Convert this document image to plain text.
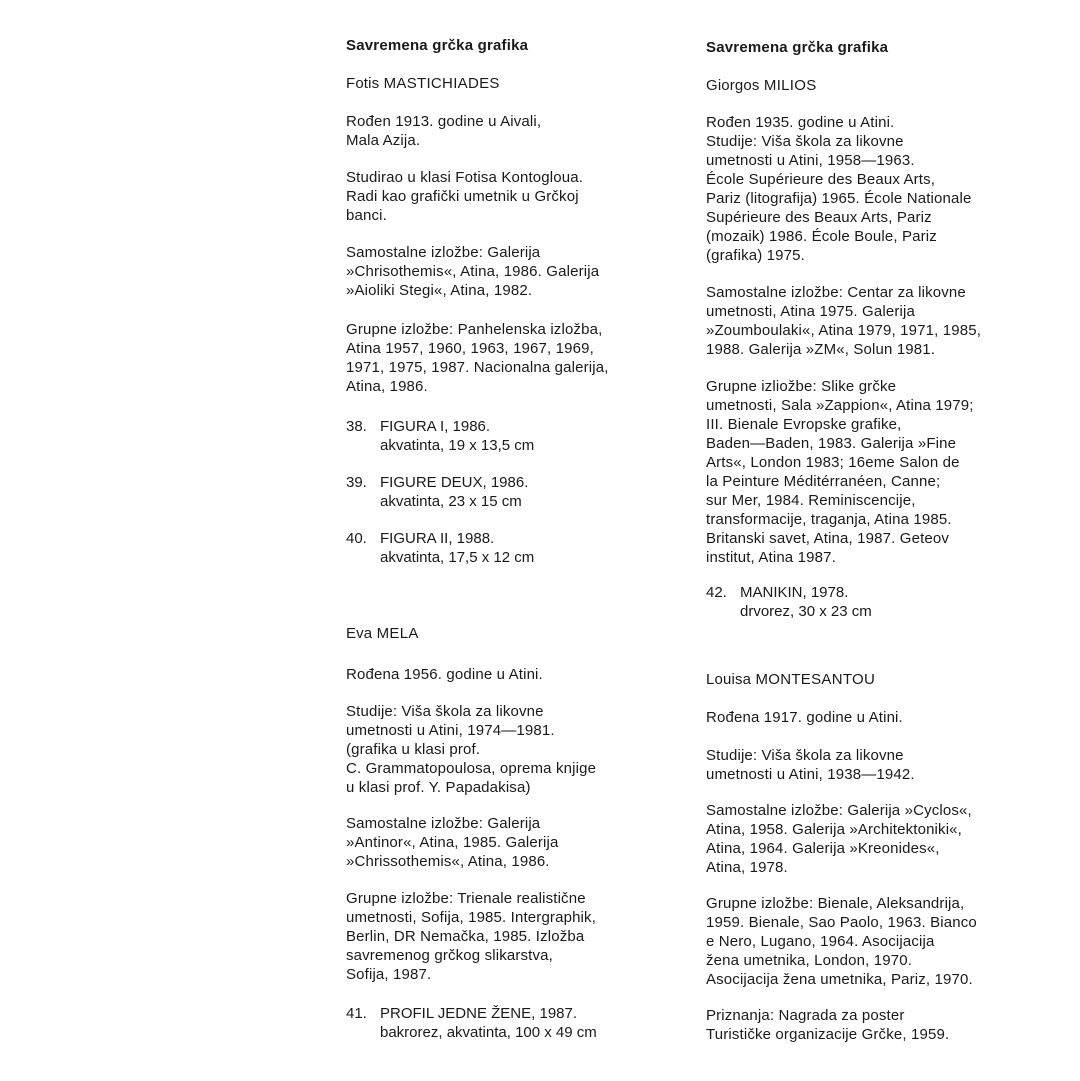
Savremena grčka grafika
Fotis MASTICHIADES
Rođen 1913. godine u Aivali,
Mala Azija.
Studirao u klasi Fotisa Kontogloua.
Radi kao grafički umetnik u Grčkoj
banci.
Samostalne izložbe: Galerija
»Chrisothemis«, Atina, 1986. Galerija
»Aioliki Stegi«, Atina, 1982.
Grupne izložbe: Panhelenska izložba,
Atina 1957, 1960, 1963, 1967, 1969,
1971, 1975, 1987. Nacionalna galerija,
Atina, 1986.
38. FIGURA I, 1986.
akvatinta, 19 x 13,5 cm
39. FIGURE DEUX, 1986.
akvatinta, 23 x 15 cm
40. FIGURA II, 1988.
akvatinta, 17,5 x 12 cm
Eva MELA
Rođena 1956. godine u Atini.
Studije: Viša škola za likovne
umetnosti u Atini, 1974—1981.
(grafika u klasi prof.
C. Grammatopoulosa, oprema knjige
u klasi prof. Y. Papadakisa)
Samostalne izložbe: Galerija
»Antinor«, Atina, 1985. Galerija
»Chrissothemis«, Atina, 1986.
Grupne izložbe: Trienale realistične
umetnosti, Sofija, 1985. Intergraphik,
Berlin, DR Nemačka, 1985. Izložba
savremenog grčkog slikarstva,
Sofija, 1987.
41. PROFIL JEDNE ŽENE, 1987.
bakrorez, akvatinta, 100 x 49 cm
Savremena grčka grafika
Giorgos MILIOS
Rođen 1935. godine u Atini.
Studije: Viša škola za likovne
umetnosti u Atini, 1958—1963.
École Supérieure des Beaux Arts,
Pariz (litografija) 1965. École Nationale
Supérieure des Beaux Arts, Pariz
(mozaik) 1986. École Boule, Pariz
(grafika) 1975.
Samostalne izložbe: Centar za likovne
umetnosti, Atina 1975. Galerija
»Zoumboulaki«, Atina 1979, 1971, 1985,
1988. Galerija »ZM«, Solun 1981.
Grupne izliožbe: Slike grčke
umetnosti, Sala »Zappion«, Atina 1979;
III. Bienale Evropske grafike,
Baden—Baden, 1983. Galerija »Fine
Arts«, London 1983; 16eme Salon de
la Peinture Méditérranéen, Canne;
sur Mer, 1984. Reminiscencije,
transformacije, traganja, Atina 1985.
Britanski savet, Atina, 1987. Geteov
institut, Atina 1987.
42. MANIKIN, 1978.
drvorez, 30 x 23 cm
Louisa MONTESANTOU
Rođena 1917. godine u Atini.
Studije: Viša škola za likovne
umetnosti u Atini, 1938—1942.
Samostalne izložbe: Galerija »Cyclos«,
Atina, 1958. Galerija »Architektoniki«,
Atina, 1964. Galerija »Kreonides«,
Atina, 1978.
Grupne izložbe: Bienale, Aleksandrija,
1959. Bienale, Sao Paolo, 1963. Bianco
e Nero, Lugano, 1964. Asocijacija
žena umetnika, London, 1970.
Asocijacija žena umetnika, Pariz, 1970.
Priznanja: Nagrada za poster
Turističke organizacije Grčke, 1959.
